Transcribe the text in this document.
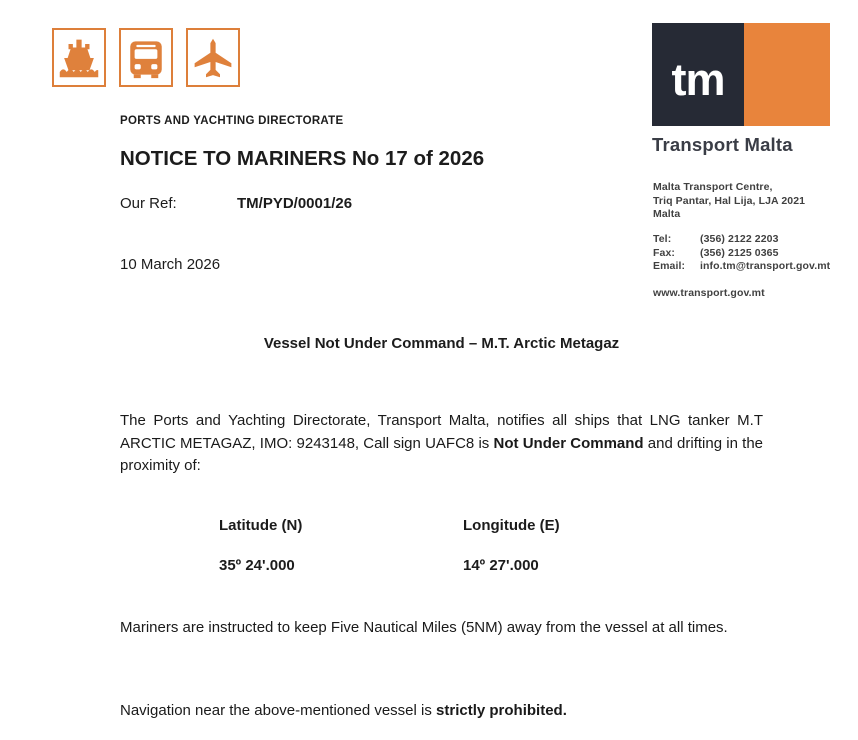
tm
Transport Malta
Malta Transport Centre,
Triq Pantar, Hal Lija, LJA 2021
Malta
Tel:	(356) 2122 2203
Fax:	(356) 2125 0365
Email:	info.tm@transport.gov.mt
www.transport.gov.mt
PORTS AND YACHTING DIRECTORATE
NOTICE TO MARINERS No 17 of 2026
Our Ref:	TM/PYD/0001/26
10 March 2026
Vessel Not Under Command – M.T. Arctic Metagaz

The Ports and Yachting Directorate, Transport Malta, notifies all ships that LNG tanker M.T ARCTIC METAGAZ, IMO: 9243148, Call sign UAFC8 is Not Under Command and drifting in the proximity of:

Latitude (N)	Longitude (E)
35º 24'.000	14º 27'.000

Mariners are instructed to keep Five Nautical Miles (5NM) away from the vessel at all times.

Navigation near the above-mentioned vessel is strictly prohibited.
